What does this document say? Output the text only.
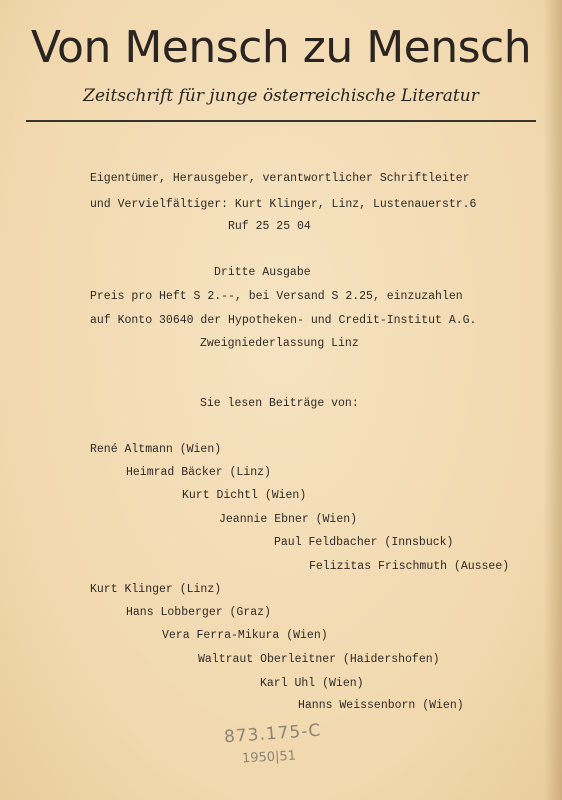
Von Mensch zu Mensch
Zeitschrift für junge österreichische Literatur
Eigentümer, Herausgeber, verantwortlicher Schriftleiter
und Vervielfältiger: Kurt Klinger, Linz, Lustenauerstr.6
Ruf 25 25 04
Dritte Ausgabe
Preis pro Heft S 2.--, bei Versand S 2.25, einzuzahlen
auf Konto 30640 der Hypotheken- und Credit-Institut A.G.
Zweigniederlassung Linz
Sie lesen Beiträge von:
René Altmann (Wien)
Heimrad Bäcker (Linz)
Kurt Dichtl (Wien)
Jeannie Ebner (Wien)
Paul Feldbacher (Innsbuck)
Felizitas Frischmuth (Aussee)
Kurt Klinger (Linz)
Hans Lobberger (Graz)
Vera Ferra-Mikura (Wien)
Waltraut Oberleitner (Haidershofen)
Karl Uhl (Wien)
Hanns Weissenborn (Wien)
873.175-C
1950|51
